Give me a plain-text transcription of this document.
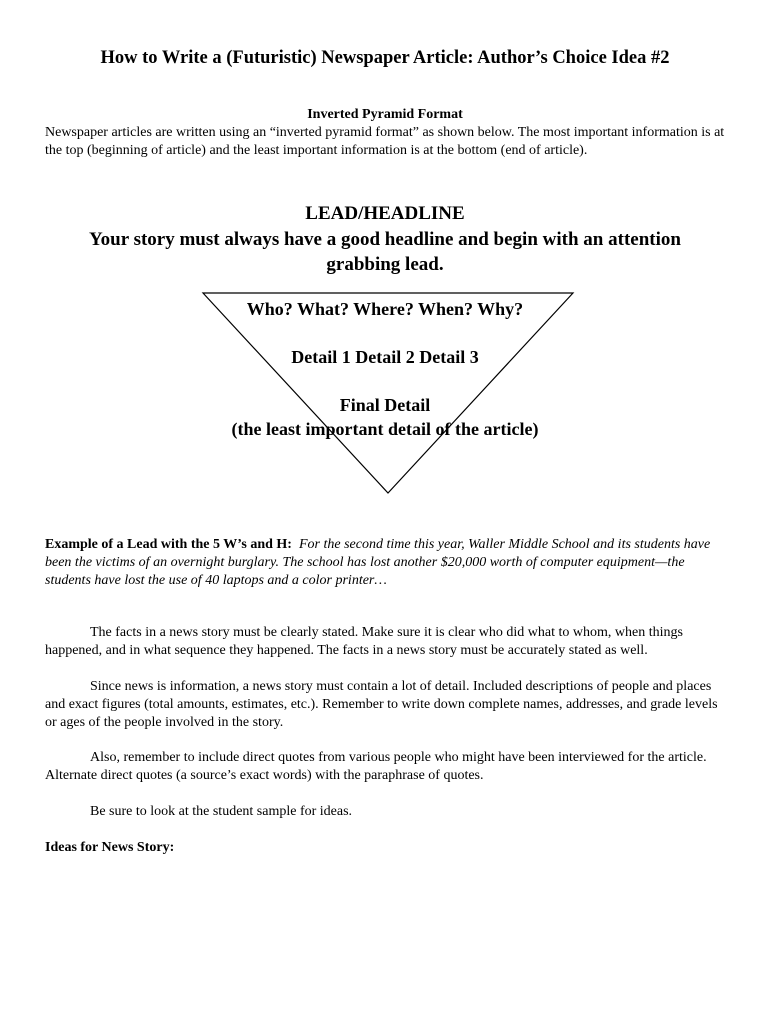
How to Write a (Futuristic) Newspaper Article: Author’s Choice Idea #2
Inverted Pyramid Format
Newspaper articles are written using an “inverted pyramid format” as shown below. The most important information is at the top (beginning of article) and the least important information is at the bottom (end of article).
LEAD/HEADLINE
Your story must always have a good headline and begin with an attention grabbing lead.
Who? What? Where? When? Why?
Detail 1 Detail 2 Detail 3
Final Detail
(the least important detail of the article)
Example of a Lead with the 5 W’s and H: For the second time this year, Waller Middle School and its students have been the victims of an overnight burglary. The school has lost another $20,000 worth of computer equipment—the students have lost the use of 40 laptops and a color printer…
The facts in a news story must be clearly stated. Make sure it is clear who did what to whom, when things happened, and in what sequence they happened. The facts in a news story must be accurately stated as well.
Since news is information, a news story must contain a lot of detail. Included descriptions of people and places and exact figures (total amounts, estimates, etc.). Remember to write down complete names, addresses, and grade levels or ages of the people involved in the story.
Also, remember to include direct quotes from various people who might have been interviewed for the article. Alternate direct quotes (a source’s exact words) with the paraphrase of quotes.
Be sure to look at the student sample for ideas.
Ideas for News Story:
